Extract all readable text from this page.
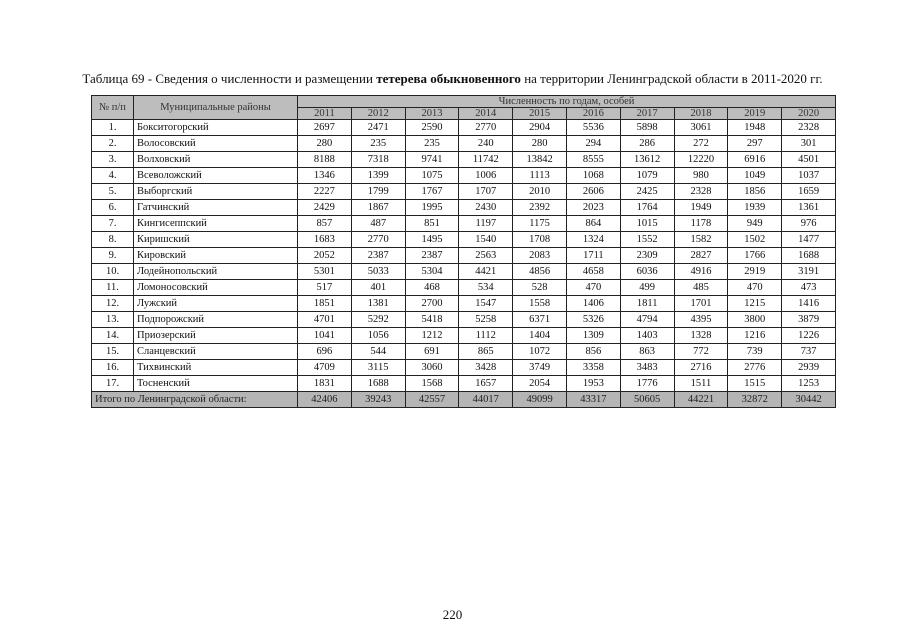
Таблица 69 - Сведения о численности и размещении тетерева обыкновенного на территории Ленинградской области в 2011-2020 гг.
№ п/п	Муниципальные районы	Численность по годам, особей									
		2011	2012	2013	2014	2015	2016	2017	2018	2019	2020
1.	Бокситогорский	2697	2471	2590	2770	2904	5536	5898	3061	1948	2328
2.	Волосовский	280	235	235	240	280	294	286	272	297	301
3.	Волховский	8188	7318	9741	11742	13842	8555	13612	12220	6916	4501
4.	Всеволожский	1346	1399	1075	1006	1113	1068	1079	980	1049	1037
5.	Выборгский	2227	1799	1767	1707	2010	2606	2425	2328	1856	1659
6.	Гатчинский	2429	1867	1995	2430	2392	2023	1764	1949	1939	1361
7.	Кингисеппский	857	487	851	1197	1175	864	1015	1178	949	976
8.	Киришский	1683	2770	1495	1540	1708	1324	1552	1582	1502	1477
9.	Кировский	2052	2387	2387	2563	2083	1711	2309	2827	1766	1688
10.	Лодейнопольский	5301	5033	5304	4421	4856	4658	6036	4916	2919	3191
11.	Ломоносовский	517	401	468	534	528	470	499	485	470	473
12.	Лужский	1851	1381	2700	1547	1558	1406	1811	1701	1215	1416
13.	Подпорожский	4701	5292	5418	5258	6371	5326	4794	4395	3800	3879
14.	Приозерский	1041	1056	1212	1112	1404	1309	1403	1328	1216	1226
15.	Сланцевский	696	544	691	865	1072	856	863	772	739	737
16.	Тихвинский	4709	3115	3060	3428	3749	3358	3483	2716	2776	2939
17.	Тосненский	1831	1688	1568	1657	2054	1953	1776	1511	1515	1253
Итого по Ленинградской области:		42406	39243	42557	44017	49099	43317	50605	44221	32872	30442
220
